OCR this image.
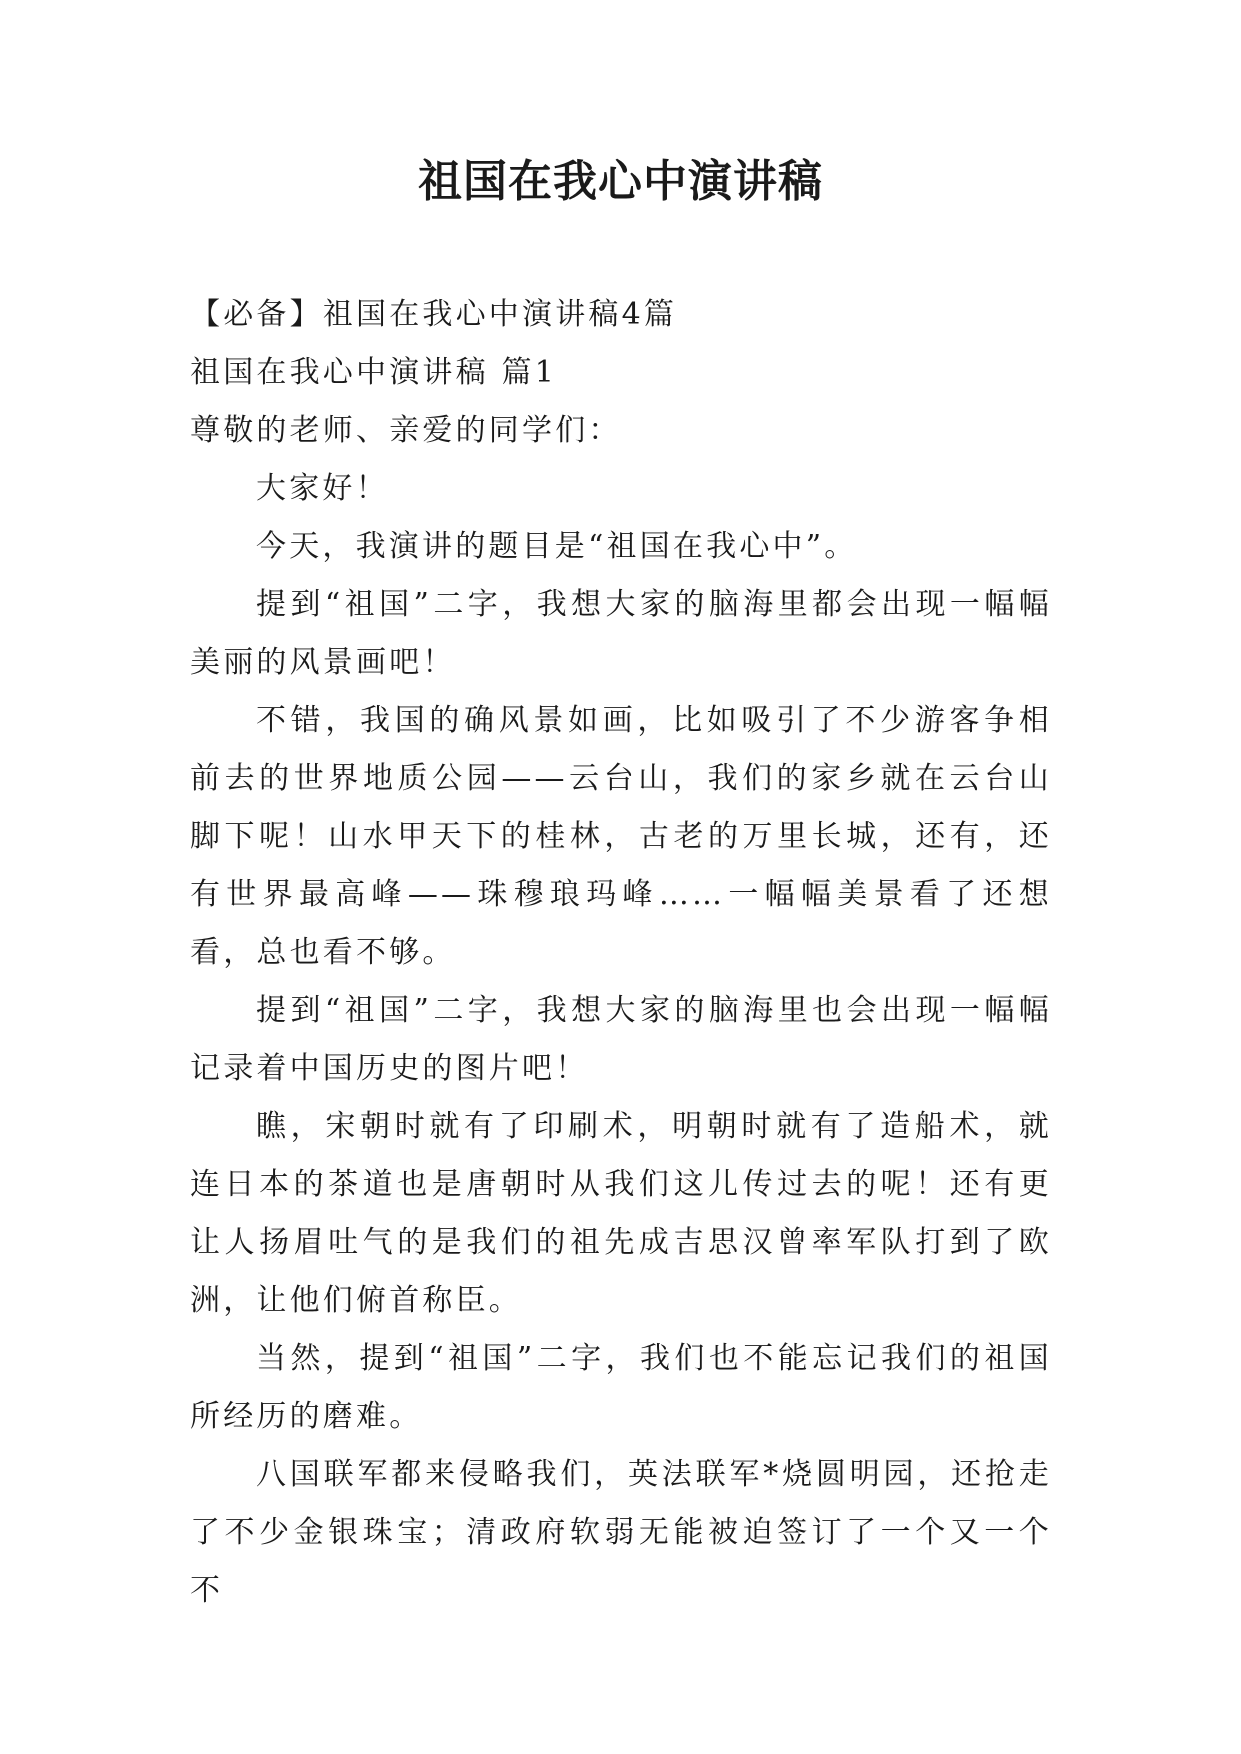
祖国在我心中演讲稿

【必备】祖国在我心中演讲稿4篇

祖国在我心中演讲稿 篇1

尊敬的老师、亲爱的同学们：

大家好！

今天，我演讲的题目是“祖国在我心中”。

提到“祖国”二字，我想大家的脑海里都会出现一幅幅美丽的风景画吧！

不错，我国的确风景如画，比如吸引了不少游客争相前去的世界地质公园——云台山，我们的家乡就在云台山脚下呢！山水甲天下的桂林，古老的万里长城，还有，还有世界最高峰——珠穆琅玛峰……一幅幅美景看了还想看，总也看不够。

提到“祖国”二字，我想大家的脑海里也会出现一幅幅记录着中国历史的图片吧！

瞧，宋朝时就有了印刷术，明朝时就有了造船术，就连日本的茶道也是唐朝时从我们这儿传过去的呢！还有更让人扬眉吐气的是我们的祖先成吉思汉曾率军队打到了欧洲，让他们俯首称臣。

当然，提到“祖国”二字，我们也不能忘记我们的祖国所经历的磨难。

八国联军都来侵略我们，英法联军*烧圆明园，还抢走了不少金银珠宝；清政府软弱无能被迫签订了一个又一个不
